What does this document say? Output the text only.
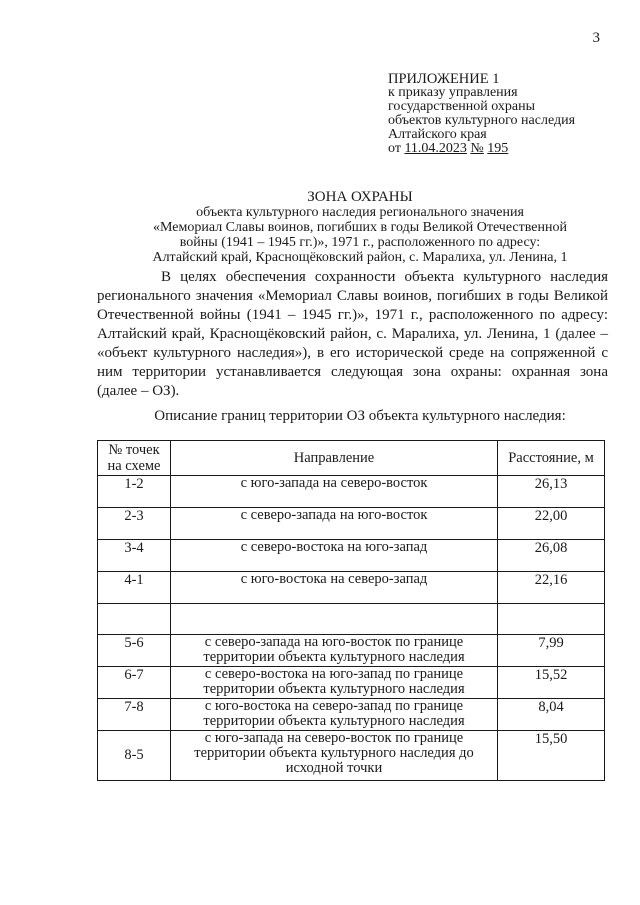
3
ПРИЛОЖЕНИЕ 1
к приказу управления
государственной охраны
объектов культурного наследия
Алтайского края
от 11.04.2023 № 195
ЗОНА ОХРАНЫ
объекта культурного наследия регионального значения
«Мемориал Славы воинов, погибших в годы Великой Отечественной
войны (1941 – 1945 гг.)», 1971 г., расположенного по адресу:
Алтайский край, Краснощёковский район, с. Маралиха, ул. Ленина, 1
В целях обеспечения сохранности объекта культурного наследия регионального значения «Мемориал Славы воинов, погибших в годы Великой Отечественной войны (1941 – 1945 гг.)», 1971 г., расположенного по адресу: Алтайский край, Краснощёковский район, с. Маралиха, ул. Ленина, 1 (далее – «объект культурного наследия»), в его исторической среде на сопряженной с ним территории устанавливается следующая зона охраны: охранная зона (далее – ОЗ).
Описание границ территории ОЗ объекта культурного наследия:
№ точек на схеме	Направление	Расстояние, м
1-2	с юго-запада на северо-восток	26,13
2-3	с северо-запада на юго-восток	22,00
3-4	с северо-востока на юго-запад	26,08
4-1	с юго-востока на северо-запад	22,16

5-6	с северо-запада на юго-восток по границе территории объекта культурного наследия	7,99
6-7	с северо-востока на юго-запад по границе территории объекта культурного наследия	15,52
7-8	с юго-востока на северо-запад по границе территории объекта культурного наследия	8,04
8-5	с юго-запада на северо-восток по границе территории объекта культурного наследия до исходной точки	15,50
